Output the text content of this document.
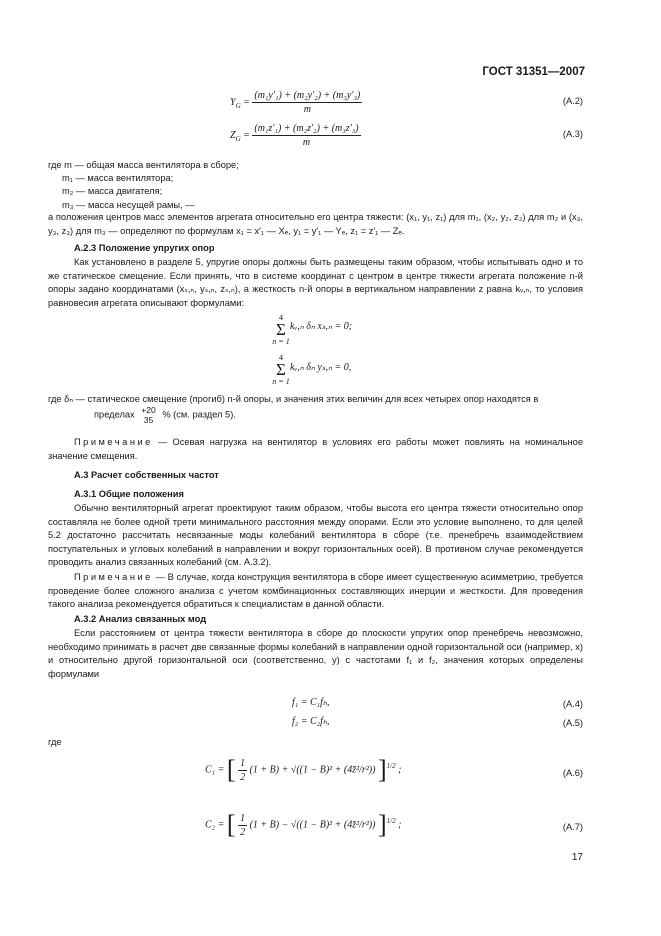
ГОСТ 31351—2007
$Y_G = \frac{\text{(m₁y′₁) + (m₂y′₂) + (m₃y′₃)}}{m}$	(A.2)
$Z_G = \frac{\text{(m₁z′₁) + (m₂z′₂) + (m₃z′₃)}}{m}$	(A.3)
где m — общая масса вентилятора в сборе;
m₁ — масса вентилятора;
m₂ — масса двигателя;
m₃ — масса несущей рамы, —
а положения центров масс элементов агрегата относительно его центра тяжести: (x₁, y₁, z₁) для m₁, (x₂, y₂, z₂) для m₂ и (x₃, y₃, z₃) для m₃ — определяют по формулам x₁ = x′₁ — Xₑ, y₁ = y′₁ — Yₑ, z₁ = z′₁ — Zₑ.
А.2.3 Положение упругих опор
Как установлено в разделе 5, упругие опоры должны быть размещены таким образом, чтобы испытывать одно и то же статическое смещение. Если принять, что в системе координат с центром в центре тяжести агрегата положение n-й опоры задано координатами (xₛ,ₙ, yₛ,ₙ, zₛ,ₙ), а жесткость n-й опоры в вертикальном направлении z равна kᵥ,ₙ, то условия равновесия агрегата описывают формулами:
4
Σ
n = 1
kᵥ,ₙ δₙ xₛ,ₙ = 0;
4
Σ
n = 1
kᵥ,ₙ δₙ yₛ,ₙ = 0,
где δₙ — статическое смещение (прогиб) n-й опоры, и значения этих величин для всех четырех опор находятся в
пределах +20
35
% (см. раздел 5).
Примечание — Осевая нагрузка на вентилятор в условиях его работы может повлиять на номинальное значение смещения.
А.3 Расчет собственных частот
А.3.1 Общие положения
Обычно вентиляторный агрегат проектируют таким образом, чтобы высота его центра тяжести относительно опор составляла не более одной трети минимального расстояния между опорами. Если это условие выполнено, то для целей 5.2 достаточно рассчитать несвязанные моды колебаний вентилятора в сборе (т.е. пренебречь взаимодействием поступательных и угловых колебаний в направлении и вокруг горизонтальных осей). В противном случае рекомендуется проводить анализ связанных колебаний (см. А.3.2).
Примечание — В случае, когда конструкция вентилятора в сборе имеет существенную асимметрию, требуется проведение более сложного анализа с учетом комбинационных составляющих инерции и жесткости. Для проведения такого анализа рекомендуется обратиться к специалистам в данной области.
А.3.2 Анализ связанных мод
Если расстоянием от центра тяжести вентилятора в сборе до плоскости упругих опор пренебречь невозможно, необходимо принимать в расчет две связанные формы колебаний в направлении одной горизонтальной оси (например, x) и относительно другой горизонтальной оси (соответственно, y) с частотами f₁ и f₂, значения которых определены формулами
f₁ = C₁fₕ,	(A.4)
f₂ = C₂fₕ,	(A.5)
где
C₁ = [ $\frac{1}{2} (1 + B) + √((1 - B)^2$ + (4z̄²/r²)) ]$^{1/2}$ ;	(A.6)
C₂ = [ $\frac{1}{2} (1 + B) - √((1 - B)^2$ + (4z̄²/r²)) ]$^{1/2}$ ;	(A.7)
17
